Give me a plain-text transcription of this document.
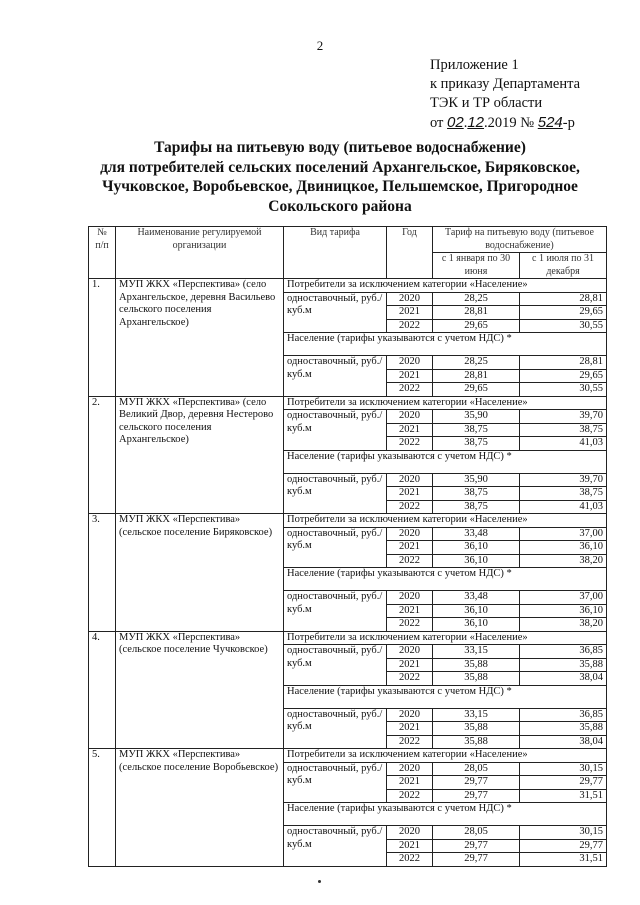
2
Приложение 1
к приказу Департамента
ТЭК и ТР области
от 02.12.2019 № 524-р
Тарифы на питьевую воду (питьевое водоснабжение)
для потребителей сельских поселений Архангельское, Биряковское,
Чучковское, Воробьевское, Двиницкое, Пельшемское, Пригородное
Сокольского района
№ п/п	Наименование регулируемой организации	Вид тарифа	Год	Тариф на питьевую воду (питьевое водоснабжение)	
				с 1 января по 30 июня	с 1 июля по 31 декабря
1.	МУП ЖКХ «Перспектива» (село Архангельское, деревня Васильево сельского поселения Архангельское)	Потребители за исключением категории «Население»			
		одноставочный, руб./куб.м	2020	28,25	28,81
			2021	28,81	29,65
			2022	29,65	30,55
		Население (тарифы указываются с учетом НДС) *			
		одноставочный, руб./куб.м	2020	28,25	28,81
			2021	28,81	29,65
			2022	29,65	30,55
2.	МУП ЖКХ «Перспектива» (село Великий Двор, деревня Нестерово сельского поселения Архангельское)	Потребители за исключением категории «Население»			
		одноставочный, руб./куб.м	2020	35,90	39,70
			2021	38,75	38,75
			2022	38,75	41,03
		Население (тарифы указываются с учетом НДС) *			
		одноставочный, руб./куб.м	2020	35,90	39,70
			2021	38,75	38,75
			2022	38,75	41,03
3.	МУП ЖКХ «Перспектива» (сельское поселение Биряковское)	Потребители за исключением категории «Население»			
		одноставочный, руб./куб.м	2020	33,48	37,00
			2021	36,10	36,10
			2022	36,10	38,20
		Население (тарифы указываются с учетом НДС) *			
		одноставочный, руб./куб.м	2020	33,48	37,00
			2021	36,10	36,10
			2022	36,10	38,20
4.	МУП ЖКХ «Перспектива» (сельское поселение Чучковское)	Потребители за исключением категории «Население»			
		одноставочный, руб./куб.м	2020	33,15	36,85
			2021	35,88	35,88
			2022	35,88	38,04
		Население (тарифы указываются с учетом НДС) *			
		одноставочный, руб./куб.м	2020	33,15	36,85
			2021	35,88	35,88
			2022	35,88	38,04
5.	МУП ЖКХ «Перспектива» (сельское поселение Воробьевское)	Потребители за исключением категории «Население»			
		одноставочный, руб./куб.м	2020	28,05	30,15
			2021	29,77	29,77
			2022	29,77	31,51
		Население (тарифы указываются с учетом НДС) *			
		одноставочный, руб./куб.м	2020	28,05	30,15
			2021	29,77	29,77
			2022	29,77	31,51
